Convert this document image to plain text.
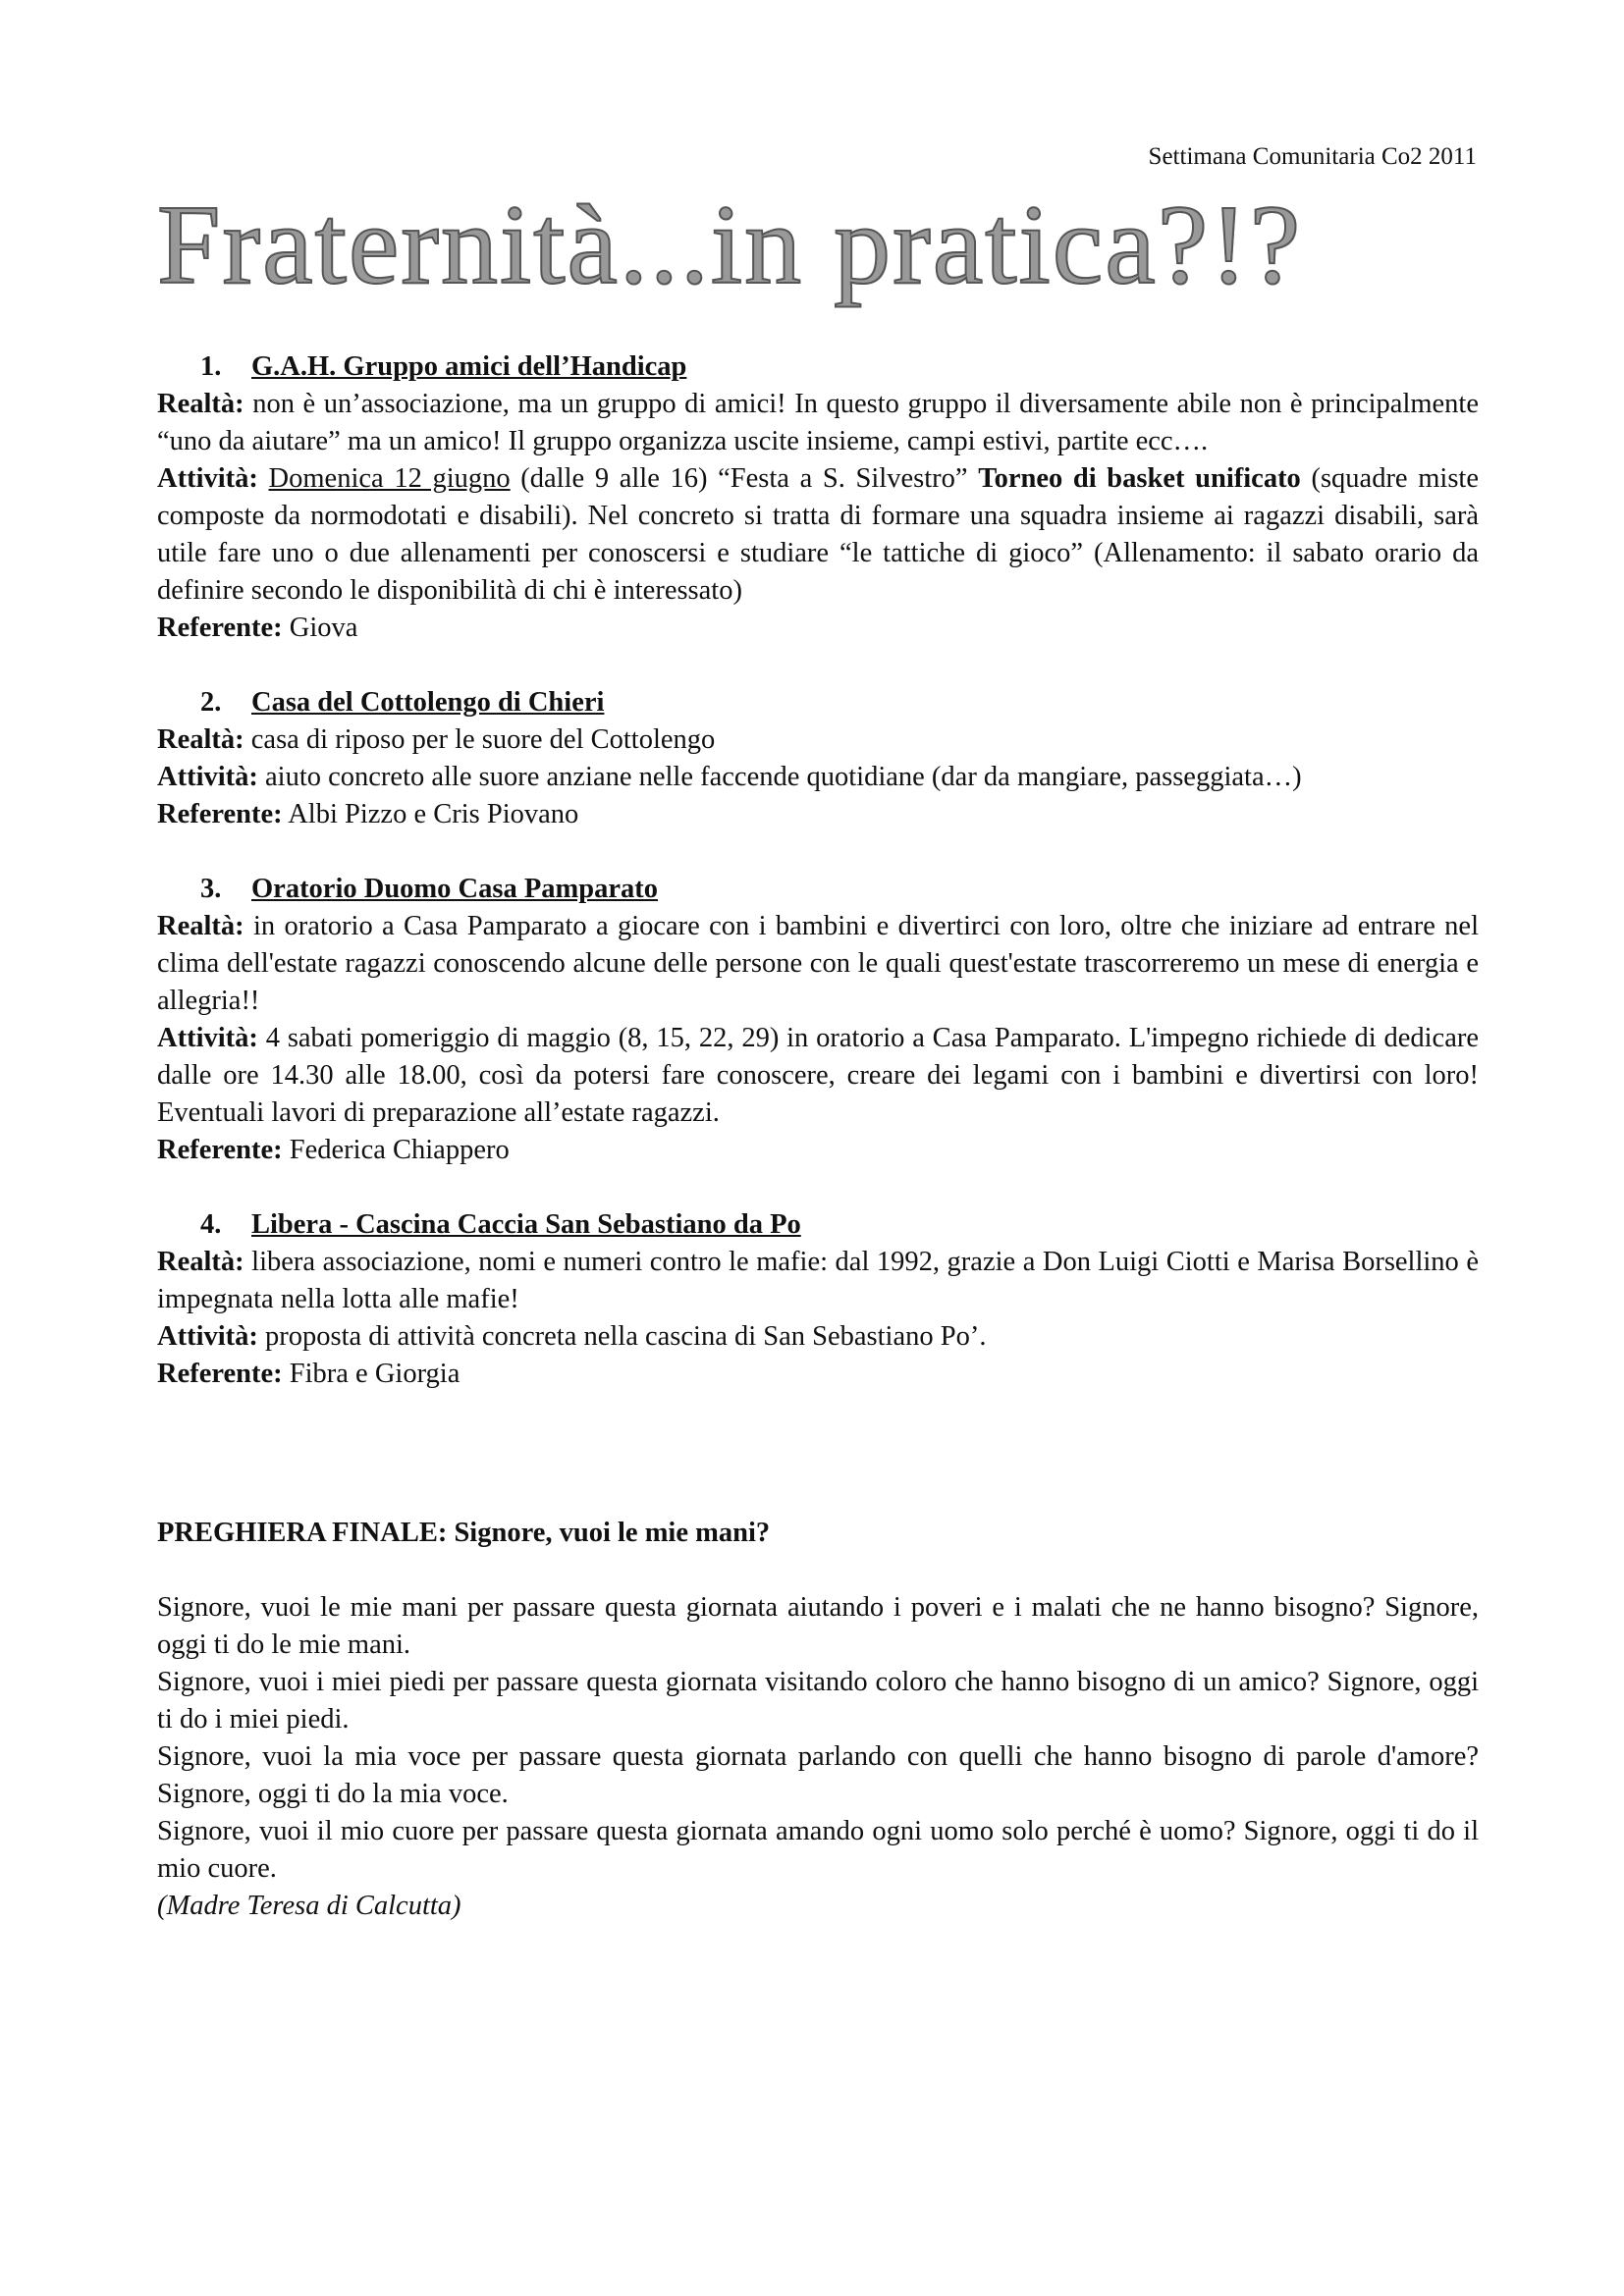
Settimana Comunitaria Co2 2011
Fraternità...in pratica?!?
1. G.A.H. Gruppo amici dell’Handicap

Realtà: non è un’associazione, ma un gruppo di amici! In questo gruppo il diversamente abile non è principalmente “uno da aiutare” ma un amico! Il gruppo organizza uscite insieme, campi estivi, partite ecc….

Attività: Domenica 12 giugno (dalle 9 alle 16) “Festa a S. Silvestro” Torneo di basket unificato (squadre miste composte da normodotati e disabili). Nel concreto si tratta di formare una squadra insieme ai ragazzi disabili, sarà utile fare uno o due allenamenti per conoscersi e studiare “le tattiche di gioco” (Allenamento: il sabato orario da definire secondo le disponibilità di chi è interessato)

Referente: Giova

2. Casa del Cottolengo di Chieri

Realtà: casa di riposo per le suore del Cottolengo

Attività: aiuto concreto alle suore anziane nelle faccende quotidiane (dar da mangiare, passeggiata…)

Referente: Albi Pizzo e Cris Piovano

3. Oratorio Duomo Casa Pamparato

Realtà: in oratorio a Casa Pamparato a giocare con i bambini e divertirci con loro, oltre che iniziare ad entrare nel clima dell'estate ragazzi conoscendo alcune delle persone con le quali quest'estate trascorreremo un mese di energia e allegria!!

Attività: 4 sabati pomeriggio di maggio (8, 15, 22, 29) in oratorio a Casa Pamparato. L'impegno richiede di dedicare dalle ore 14.30 alle 18.00, così da potersi fare conoscere, creare dei legami con i bambini e divertirsi con loro! Eventuali lavori di preparazione all’estate ragazzi.

Referente: Federica Chiappero

4. Libera - Cascina Caccia San Sebastiano da Po

Realtà: libera associazione, nomi e numeri contro le mafie: dal 1992, grazie a Don Luigi Ciotti e Marisa Borsellino è impegnata nella lotta alle mafie!

Attività: proposta di attività concreta nella cascina di San Sebastiano Po’.

Referente: Fibra e Giorgia

PREGHIERA FINALE: Signore, vuoi le mie mani?

Signore, vuoi le mie mani per passare questa giornata aiutando i poveri e i malati che ne hanno bisogno? Signore, oggi ti do le mie mani.

Signore, vuoi i miei piedi per passare questa giornata visitando coloro che hanno bisogno di un amico? Signore, oggi ti do i miei piedi.

Signore, vuoi la mia voce per passare questa giornata parlando con quelli che hanno bisogno di parole d'amore? Signore, oggi ti do la mia voce.

Signore, vuoi il mio cuore per passare questa giornata amando ogni uomo solo perché è uomo? Signore, oggi ti do il mio cuore.

(Madre Teresa di Calcutta)
